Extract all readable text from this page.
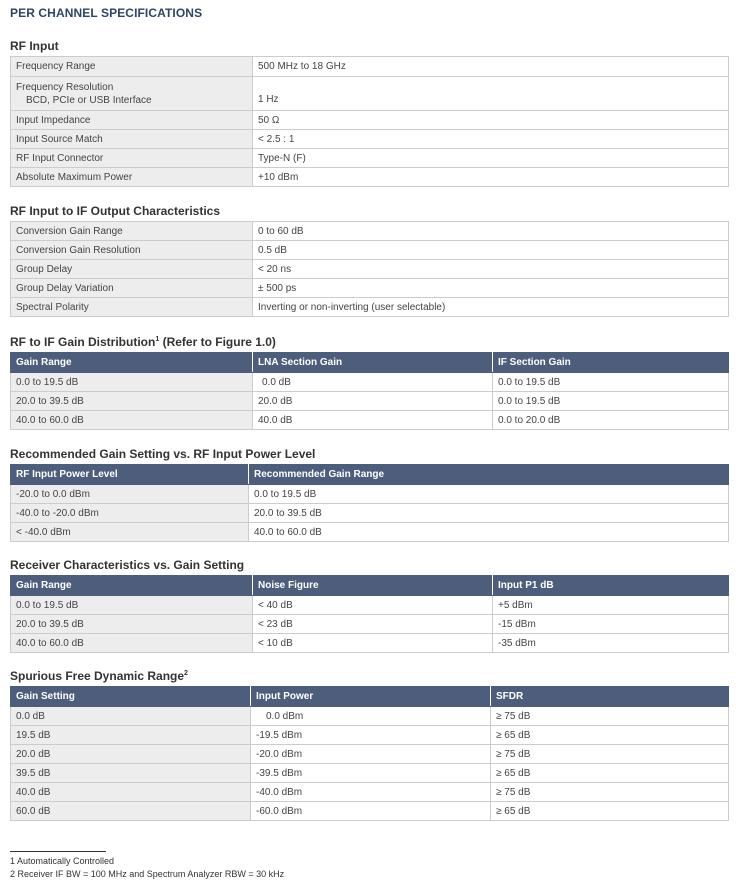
PER CHANNEL SPECIFICATIONS
RF Input
Frequency Range	500 MHz to 18 GHz
Frequency Resolution
BCD, PCIe or USB Interface	1 Hz
Input Impedance	50 Ω
Input Source Match	< 2.5 : 1
RF Input Connector	Type-N (F)
Absolute Maximum Power	+10 dBm
RF Input to IF Output Characteristics
Conversion Gain Range	0 to 60 dB
Conversion Gain Resolution	0.5 dB
Group Delay	< 20 ns
Group Delay Variation	± 500 ps
Spectral Polarity	Inverting or non-inverting (user selectable)
RF to IF Gain Distribution$^1$ (Refer to Figure 1.0)
Gain Range	LNA Section Gain	IF Section Gain
0.0 to 19.5 dB	0.0 dB	0.0 to 19.5 dB
20.0 to 39.5 dB	20.0 dB	0.0 to 19.5 dB
40.0 to 60.0 dB	40.0 dB	0.0 to 20.0 dB
Recommended Gain Setting vs. RF Input Power Level
RF Input Power Level	Recommended Gain Range
-20.0 to 0.0 dBm	0.0 to 19.5 dB
-40.0 to -20.0 dBm	20.0 to 39.5 dB
< -40.0 dBm	40.0 to 60.0 dB
Receiver Characteristics vs. Gain Setting
Gain Range	Noise Figure	Input P1 dB
0.0 to 19.5 dB	< 40 dB	+5 dBm
20.0 to 39.5 dB	< 23 dB	-15 dBm
40.0 to 60.0 dB	< 10 dB	-35 dBm
Spurious Free Dynamic Range$^2$
Gain Setting	Input Power	SFDR
0.0 dB	0.0 dBm	≥ 75 dB
19.5 dB	-19.5 dBm	≥ 65 dB
20.0 dB	-20.0 dBm	≥ 75 dB
39.5 dB	-39.5 dBm	≥ 65 dB
40.0 dB	-40.0 dBm	≥ 75 dB
60.0 dB	-60.0 dBm	≥ 65 dB

1 Automatically Controlled

2 Receiver IF BW = 100 MHz and Spectrum Analyzer RBW = 30 kHz
